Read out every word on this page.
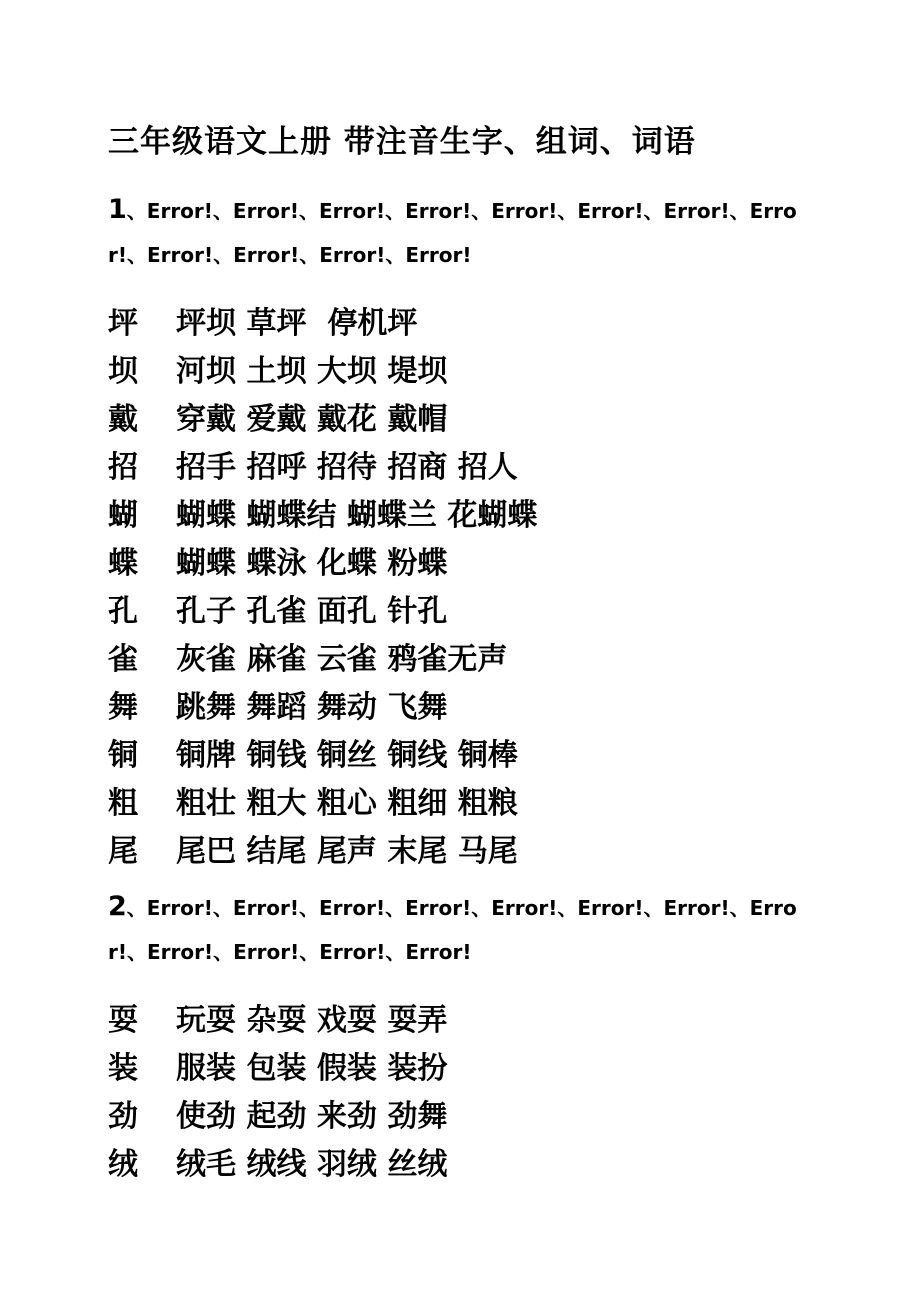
三年级语文上册 带注音生字、组词、词语
1、Error!、Error!、Error!、Error!、Error!、Error!、Error!、Error!、Error!、Error!、Error!、Error!
坪	坪坝 草坪  停机坪
坝	河坝 土坝 大坝 堤坝
戴	穿戴 爱戴 戴花 戴帽
招	招手 招呼 招待 招商 招人
蝴	蝴蝶 蝴蝶结 蝴蝶兰 花蝴蝶
蝶	蝴蝶 蝶泳 化蝶 粉蝶
孔	孔子 孔雀 面孔 针孔
雀	灰雀 麻雀 云雀 鸦雀无声
舞	跳舞 舞蹈 舞动 飞舞
铜	铜牌 铜钱 铜丝 铜线 铜棒
粗	粗壮 粗大 粗心 粗细 粗粮
尾	尾巴 结尾 尾声 末尾 马尾
2、Error!、Error!、Error!、Error!、Error!、Error!、Error!、Error!、Error!、Error!、Error!、Error!
耍	玩耍 杂耍 戏耍 耍弄
装	服装 包装 假装 装扮
劲	使劲 起劲 来劲 劲舞
绒	绒毛 绒线 羽绒 丝绒
